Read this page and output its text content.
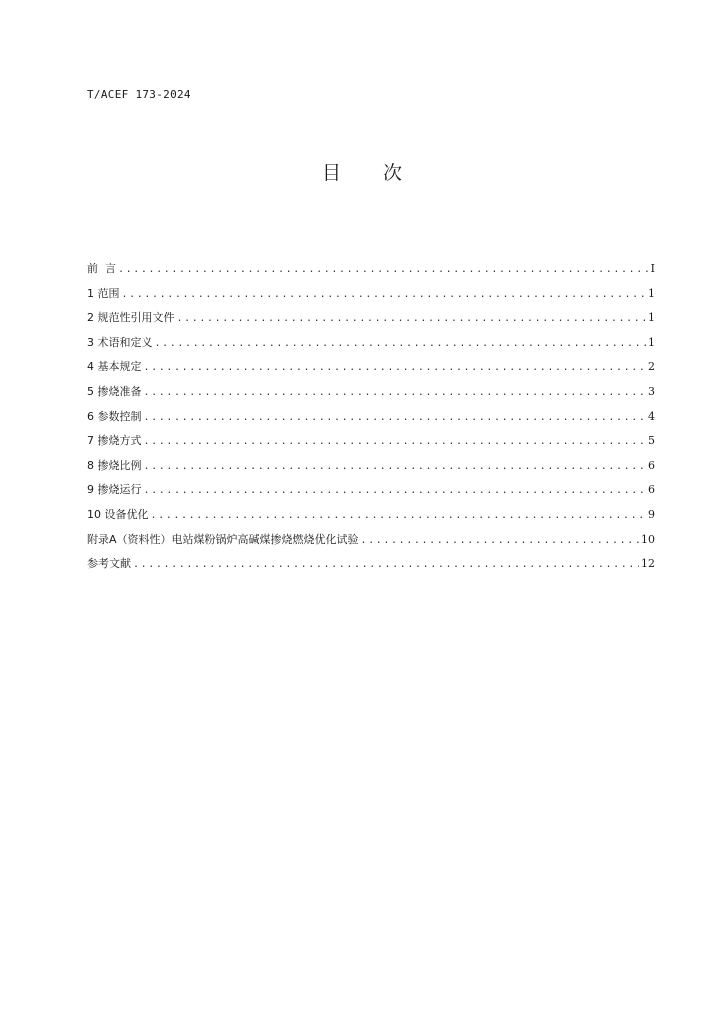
T/ACEF 173-2024
目 次
前  言 .....	I
1 范围 .....	1
2 规范性引用文件 .....	1
3 术语和定义 .....	1
4 基本规定 .....	2
5 掺烧准备 .....	3
6 参数控制 .....	4
7 掺烧方式 .....	5
8 掺烧比例 .....	6
9 掺烧运行 .....	6
10 设备优化 .....	9
附录A（资料性）电站煤粉锅炉高碱煤掺烧燃烧优化试验 .....	10
参考文献 .....	12
